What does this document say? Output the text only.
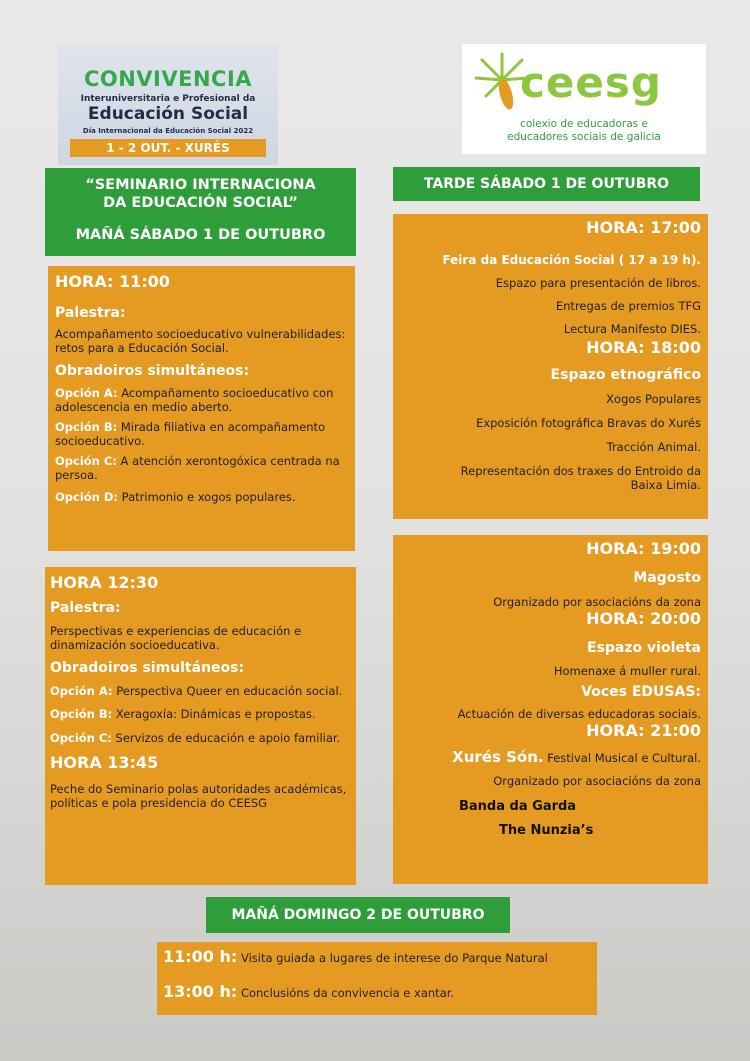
CONVIVENCIA
Interuniversitaria e Profesional da
Educación Social
Día Internacional da Educación Social 2022
1 - 2 OUT. - XURÉS
ceesg
colexio de educadoras e
educadores sociais de galicia
“SEMINARIO INTERNACIONA
DA EDUCACIÓN SOCIAL”
MAÑÁ SÁBADO 1 DE OUTUBRO
TARDE SÁBADO 1 DE OUTUBRO
HORA: 11:00
Palestra:
Acompañamento socioeducativo vulnerabilidades: retos para a Educación Social.
Obradoiros simultáneos:
Opción A: Acompañamento socioeducativo con adolescencia en medio aberto.
Opción B: Mirada filiativa en acompañamento socioeducativo.
Opción C: A atención xerontogóxica centrada na persoa.
Opción D: Patrimonio e xogos populares.
HORA 12:30
Palestra:
Perspectivas e experiencias de educación e dinamización socioeducativa.
Obradoiros simultáneos:
Opción A: Perspectiva Queer en educación social.
Opción B: Xeragoxía: Dinámicas e propostas.
Opción C: Servizos de educación e apoio familiar.
HORA 13:45
Peche do Seminario polas autoridades académicas, políticas e pola presidencia do CEESG
HORA: 17:00
Feira da Educación Social ( 17 a 19 h).
Espazo para presentación de libros.
Entregas de premios TFG
Lectura Manifesto DIES.
HORA: 18:00
Espazo etnográfico
Xogos Populares
Exposición fotográfica Bravas do Xurés
Tracción Animal.
Representación dos traxes do Entroido da Baixa Limia.
HORA: 19:00
Magosto
Organizado por asociacións da zona
HORA: 20:00
Espazo violeta
Homenaxe á muller rural.
Voces EDUSAS:
Actuación de diversas educadoras sociais.
HORA: 21:00
Xurés Són. Festival Musical e Cultural.
Organizado por asociacións da zona
Banda da Garda
The Nunzia’s
MAÑÁ DOMINGO 2 DE OUTUBRO
11:00 h: Visita guiada a lugares de interese do Parque Natural
13:00 h: Conclusións da convivencia e xantar.
